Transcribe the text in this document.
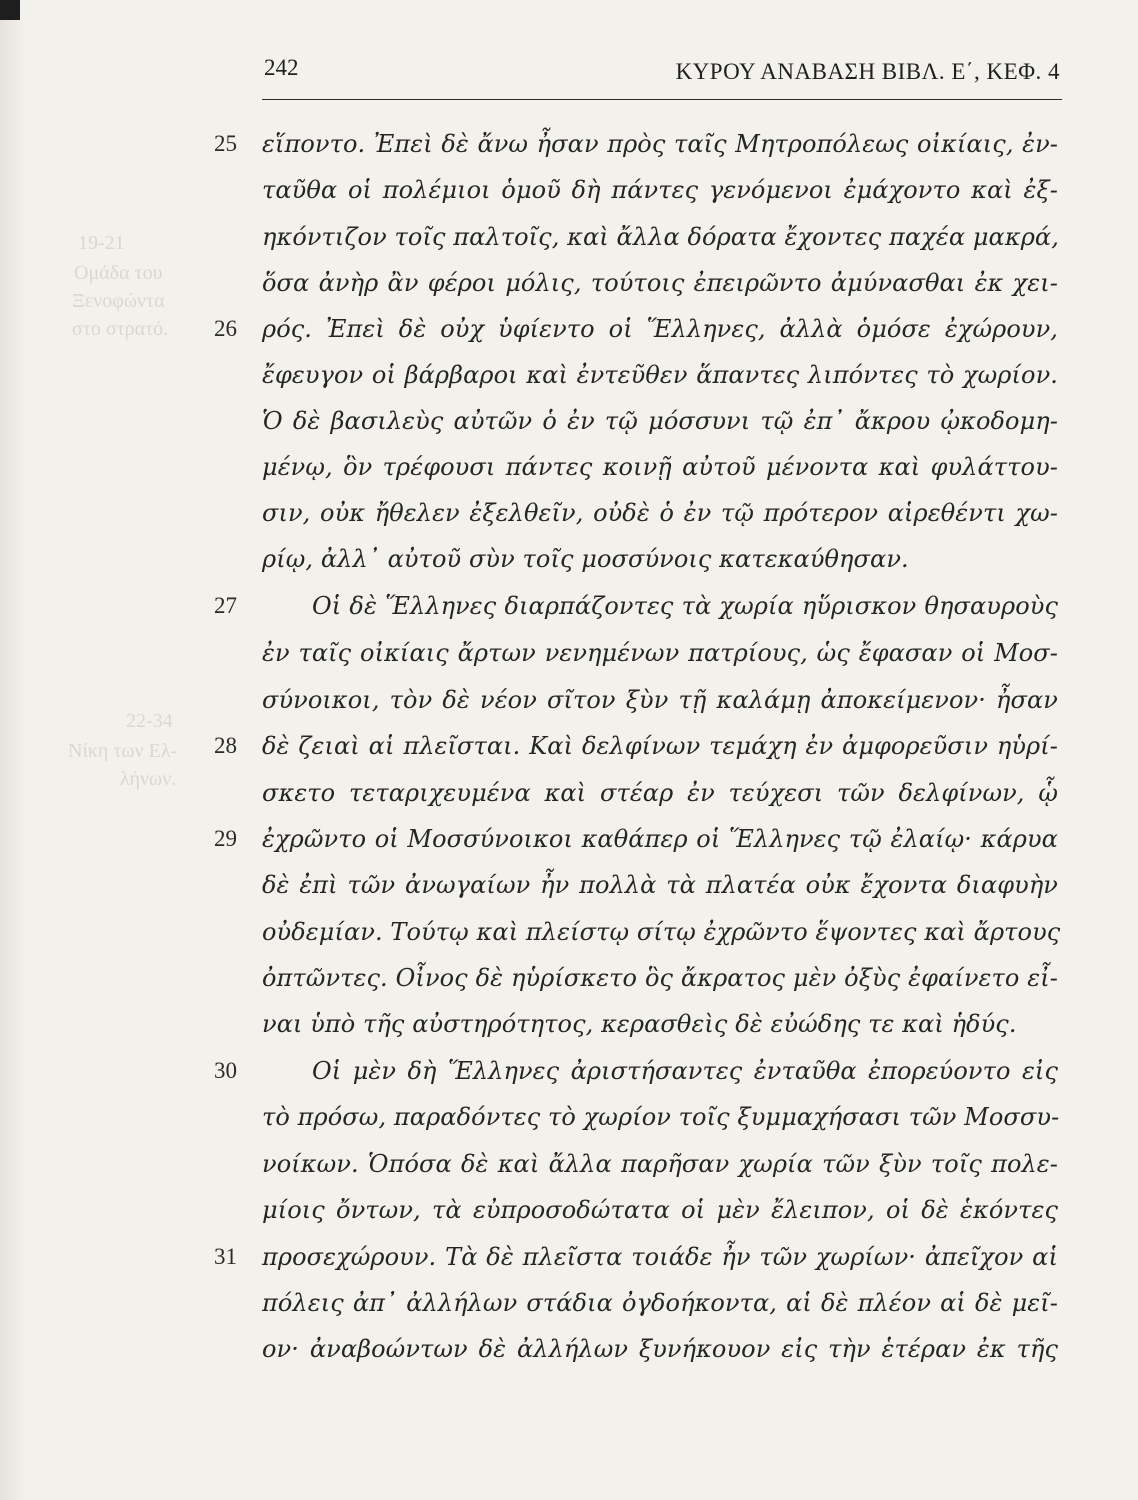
19-21
Ομάδα του
Ξενοφώντα
στο στρατό.
22-34
Νίκη των Ελ-
λήνων.
242	ΚΥΡΟΥ ΑΝΑΒΑΣΗ ΒΙΒΛ. Ε΄, ΚΕΦ. 4
25
26
27
28
29
30
31
εἵποντο. Ἐπεὶ δὲ ἄνω ἦσαν πρὸς ταῖς Μητροπόλεως οἰκίαις, ἐν-
ταῦθα οἱ πολέμιοι ὁμοῦ δὴ πάντες γενόμενοι ἐμάχοντο καὶ ἐξ-
ηκόντιζον τοῖς παλτοῖς, καὶ ἄλλα δόρατα ἔχοντες παχέα μακρά,
ὅσα ἀνὴρ ἂν φέροι μόλις, τούτοις ἐπειρῶντο ἀμύνασθαι ἐκ χει-
ρός. Ἐπεὶ δὲ οὐχ ὑφίεντο οἱ Ἕλληνες, ἀλλὰ ὁμόσε ἐχώρουν,
ἔφευγον οἱ βάρβαροι καὶ ἐντεῦθεν ἅπαντες λιπόντες τὸ χωρίον.
Ὁ δὲ βασιλεὺς αὐτῶν ὁ ἐν τῷ μόσσυνι τῷ ἐπ᾽ ἄκρου ᾠκοδομη-
μένῳ, ὃν τρέφουσι πάντες κοινῇ αὐτοῦ μένοντα καὶ φυλάττου-
σιν, οὐκ ἤθελεν ἐξελθεῖν, οὐδὲ ὁ ἐν τῷ πρότερον αἱρεθέντι χω-
ρίῳ, ἀλλ᾽ αὐτοῦ σὺν τοῖς μοσσύνοις κατεκαύθησαν.
Οἱ δὲ Ἕλληνες διαρπάζοντες τὰ χωρία ηὕρισκον θησαυροὺς
ἐν ταῖς οἰκίαις ἄρτων νενημένων πατρίους, ὡς ἔφασαν οἱ Μοσ-
σύνοικοι, τὸν δὲ νέον σῖτον ξὺν τῇ καλάμῃ ἀποκείμενον· ἦσαν
δὲ ζειαὶ αἱ πλεῖσται. Καὶ δελφίνων τεμάχη ἐν ἀμφορεῦσιν ηὑρί-
σκετο τεταριχευμένα καὶ στέαρ ἐν τεύχεσι τῶν δελφίνων, ᾧ
ἐχρῶντο οἱ Μοσσύνοικοι καθάπερ οἱ Ἕλληνες τῷ ἐλαίῳ· κάρυα
δὲ ἐπὶ τῶν ἀνωγαίων ἦν πολλὰ τὰ πλατέα οὐκ ἔχοντα διαφυὴν
οὐδεμίαν. Τούτῳ καὶ πλείστῳ σίτῳ ἐχρῶντο ἕψοντες καὶ ἄρτους
ὀπτῶντες. Οἶνος δὲ ηὑρίσκετο ὃς ἄκρατος μὲν ὀξὺς ἐφαίνετο εἶ-
ναι ὑπὸ τῆς αὐστηρότητος, κερασθεὶς δὲ εὐώδης τε καὶ ἡδύς.
Οἱ μὲν δὴ Ἕλληνες ἀριστήσαντες ἐνταῦθα ἐπορεύοντο εἰς
τὸ πρόσω, παραδόντες τὸ χωρίον τοῖς ξυμμαχήσασι τῶν Μοσσυ-
νοίκων. Ὁπόσα δὲ καὶ ἄλλα παρῆσαν χωρία τῶν ξὺν τοῖς πολε-
μίοις ὄντων, τὰ εὐπροσοδώτατα οἱ μὲν ἔλειπον, οἱ δὲ ἑκόντες
προσεχώρουν. Τὰ δὲ πλεῖστα τοιάδε ἦν τῶν χωρίων· ἀπεῖχον αἱ
πόλεις ἀπ᾽ ἀλλήλων στάδια ὀγδοήκοντα, αἱ δὲ πλέον αἱ δὲ μεῖ-
ον· ἀναβοώντων δὲ ἀλλήλων ξυνήκουον εἰς τὴν ἑτέραν ἐκ τῆς
